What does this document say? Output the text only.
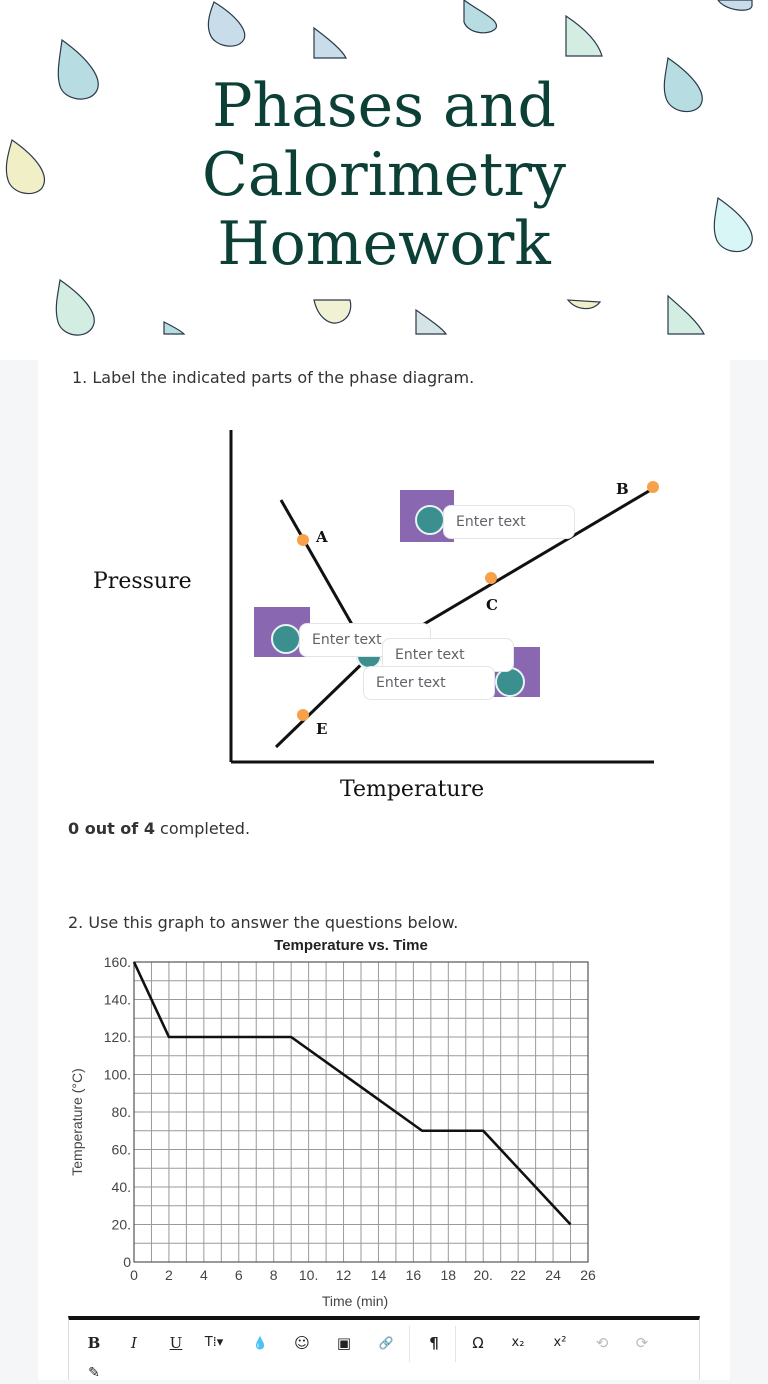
Phases and
Calorimetry
Homework

1. Label the indicated parts of the phase diagram.

Pressure
Temperature
A
B
C
E
Enter text
Enter text
Enter text
Enter text
0 out of 4 completed.

2. Use this graph to answer the questions below.

Temperature vs. Time
0 2 4 6 8 10. 12 14 16 18 20. 22 24 26
0
20.
40.
60.
80.
100.
120.
140.
160.
Time (min)
Temperature (°C)
B	I	U	T⁞▾ 💧 ☺ ▣	🔗	¶	Ω	x₂	x²	⟲	⟳
✎
